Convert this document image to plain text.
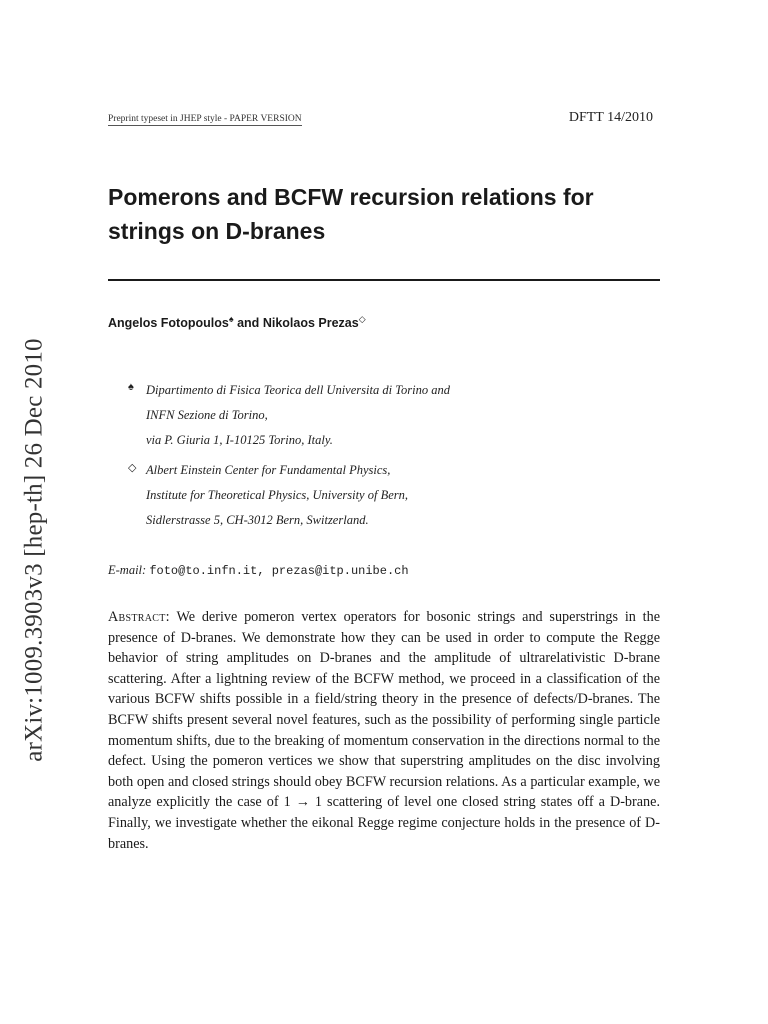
arXiv:1009.3903v3 [hep-th] 26 Dec 2010
Preprint typeset in JHEP style - PAPER VERSION	DFTT 14/2010
Pomerons and BCFW recursion relations for
strings on D-branes
Angelos Fotopoulos♠ and Nikolaos Prezas◇
♠ Dipartimento di Fisica Teorica dell Universita di Torino and
INFN Sezione di Torino,
via P. Giuria 1, I-10125 Torino, Italy.
◇ Albert Einstein Center for Fundamental Physics,
Institute for Theoretical Physics, University of Bern,
Sidlerstrasse 5, CH-3012 Bern, Switzerland.
E-mail: foto@to.infn.it, prezas@itp.unibe.ch

Abstract: We derive pomeron vertex operators for bosonic strings and superstrings in the presence of D-branes. We demonstrate how they can be used in order to compute the Regge behavior of string amplitudes on D-branes and the amplitude of ultrarelativistic D-brane scattering. After a lightning review of the BCFW method, we proceed in a classification of the various BCFW shifts possible in a field/string theory in the presence of defects/D-branes. The BCFW shifts present several novel features, such as the possibility of performing single particle momentum shifts, due to the breaking of momentum conservation in the directions normal to the defect. Using the pomeron vertices we show that superstring amplitudes on the disc involving both open and closed strings should obey BCFW recursion relations. As a particular example, we analyze explicitly the case of 1 → 1 scattering of level one closed string states off a D-brane. Finally, we investigate whether the eikonal Regge regime conjecture holds in the presence of D-branes.
